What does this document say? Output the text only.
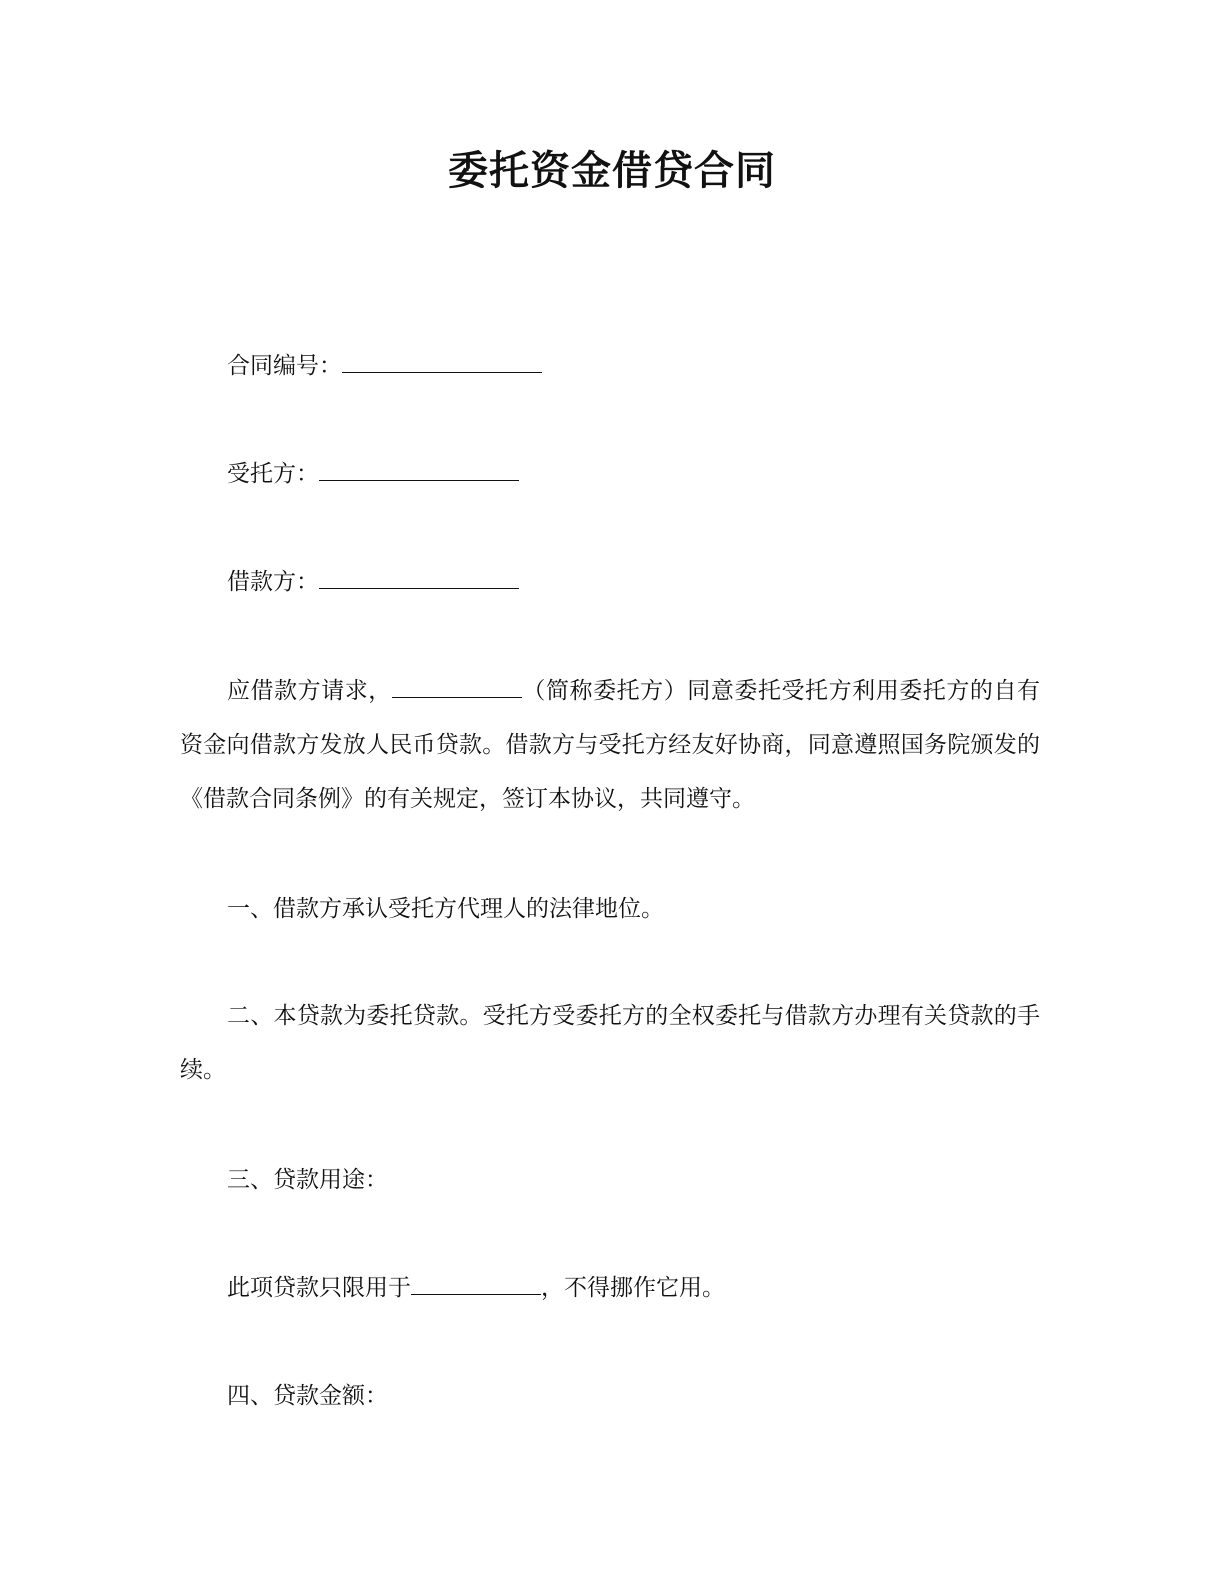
委托资金借贷合同
合同编号：
受托方：
借款方：
应借款方请求，	（简称委托方）同意委托受托方利用委托方的自有资金向借款方发放人民币贷款。借款方与受托方经友好协商，同意遵照国务院颁发的《借款合同条例》的有关规定，签订本协议，共同遵守。
一、借款方承认受托方代理人的法律地位。
二、本贷款为委托贷款。受托方受委托方的全权委托与借款方办理有关贷款的手续。
三、贷款用途：
此项贷款只限用于	，不得挪作它用。
四、贷款金额：
